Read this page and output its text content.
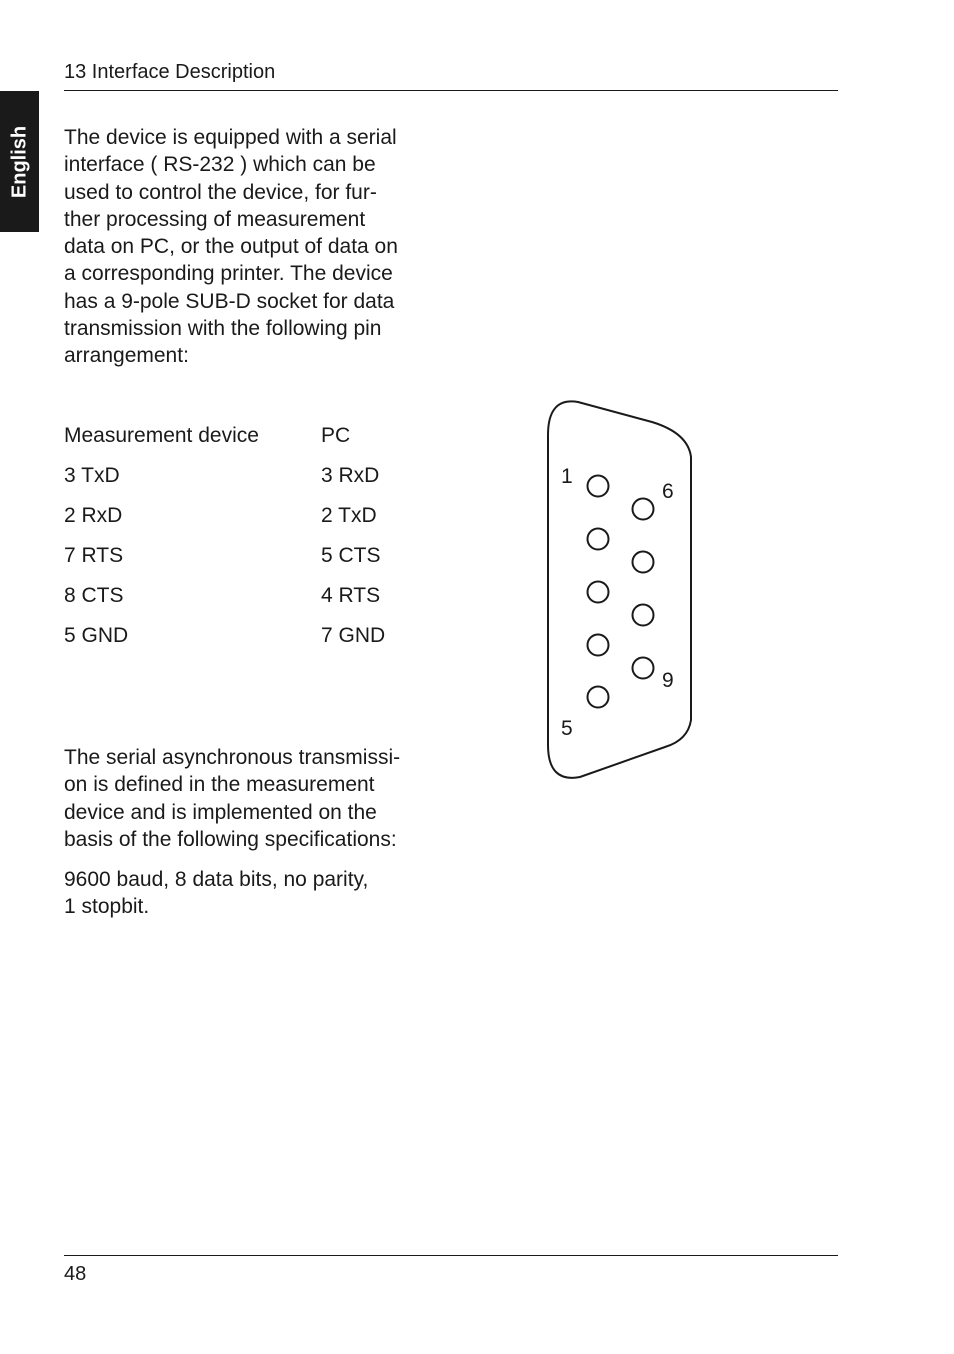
13 Interface Description
English The device is equipped with a serial
interface ( RS-232 ) which can be
used to control the device, for fur-
ther processing of measurement
data on PC, or the output of data on
a corresponding printer. The device
has a 9-pole SUB-D socket for data
transmission with the following pin
arrangement:

Measurement device	PC
3 TxD	3 RxD
2 RxD	2 TxD
7 RTS	5 CTS
8 CTS	4 RTS
5 GND	7 GND
1
6
9
5

The serial asynchronous transmissi-
on is defined in the measurement
device and is implemented on the
basis of the following specifications:

9600 baud, 8 data bits, no parity,
1 stopbit.

48
